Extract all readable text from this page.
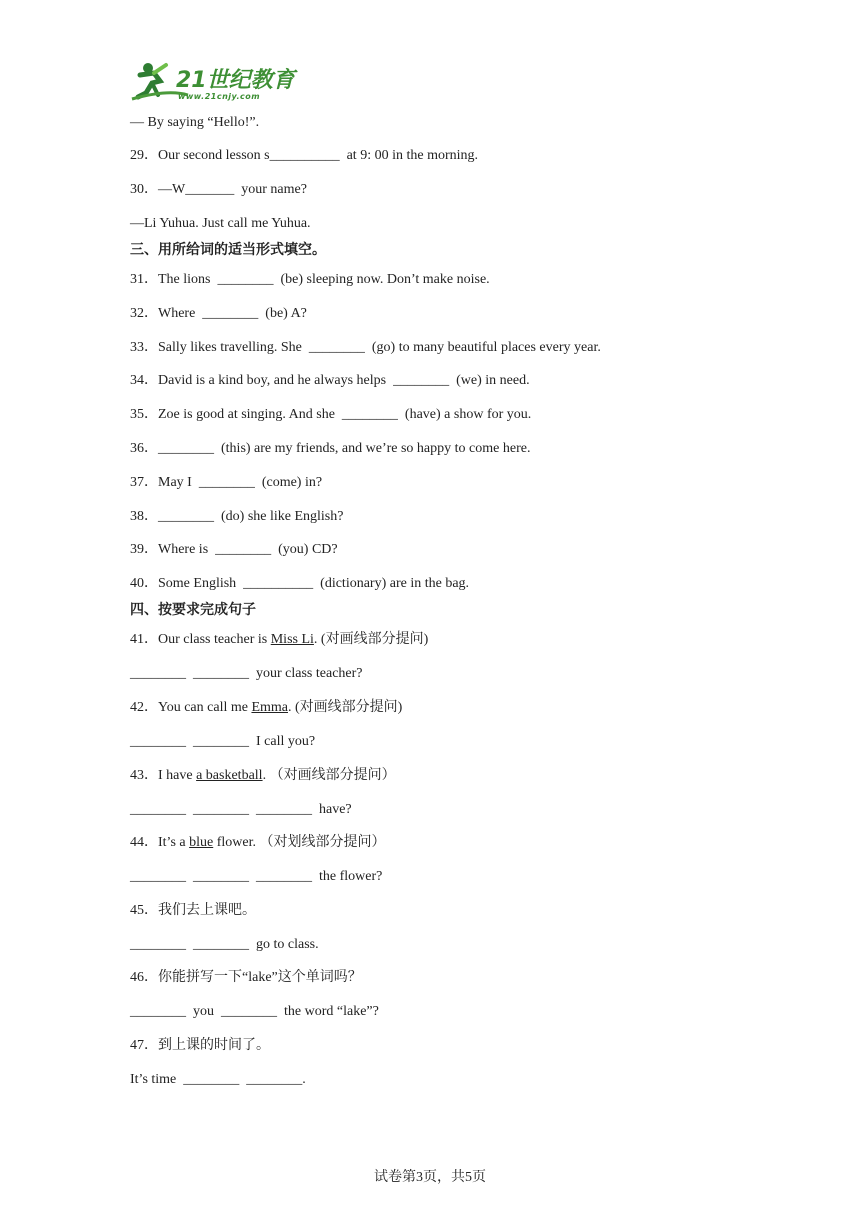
21世纪教育
www.21cnjy.com
— By saying “Hello!”.
29．Our second lesson s__________  at 9: 00 in the morning.
30．—W_______  your name?
—Li Yuhua. Just call me Yuhua.
三、用所给词的适当形式填空。
31．The lions  ________  (be) sleeping now. Don’t make noise.
32．Where  ________  (be) A?
33．Sally likes travelling. She  ________  (go) to many beautiful places every year.
34．David is a kind boy, and he always helps  ________  (we) in need.
35．Zoe is good at singing. And she  ________  (have) a show for you.
36．________  (this) are my friends, and we’re so happy to come here.
37．May I  ________  (come) in?
38．________  (do) she like English?
39．Where is  ________  (you) CD?
40．Some English  __________  (dictionary) are in the bag.
四、按要求完成句子
41．Our class teacher is Miss Li. (对画线部分提问)
________  ________  your class teacher?
42．You can call me Emma. (对画线部分提问)
________  ________  I call you?
43．I have a basketball. （对画线部分提问）
________  ________  ________  have?
44．It’s a blue flower. （对划线部分提问）
________  ________  ________  the flower?
45．我们去上课吧。
________  ________  go to class.
46．你能拼写一下“lake”这个单词吗？
________  you  ________  the word “lake”?
47．到上课的时间了。
It’s time  ________  ________.
试卷第3页，共5页
